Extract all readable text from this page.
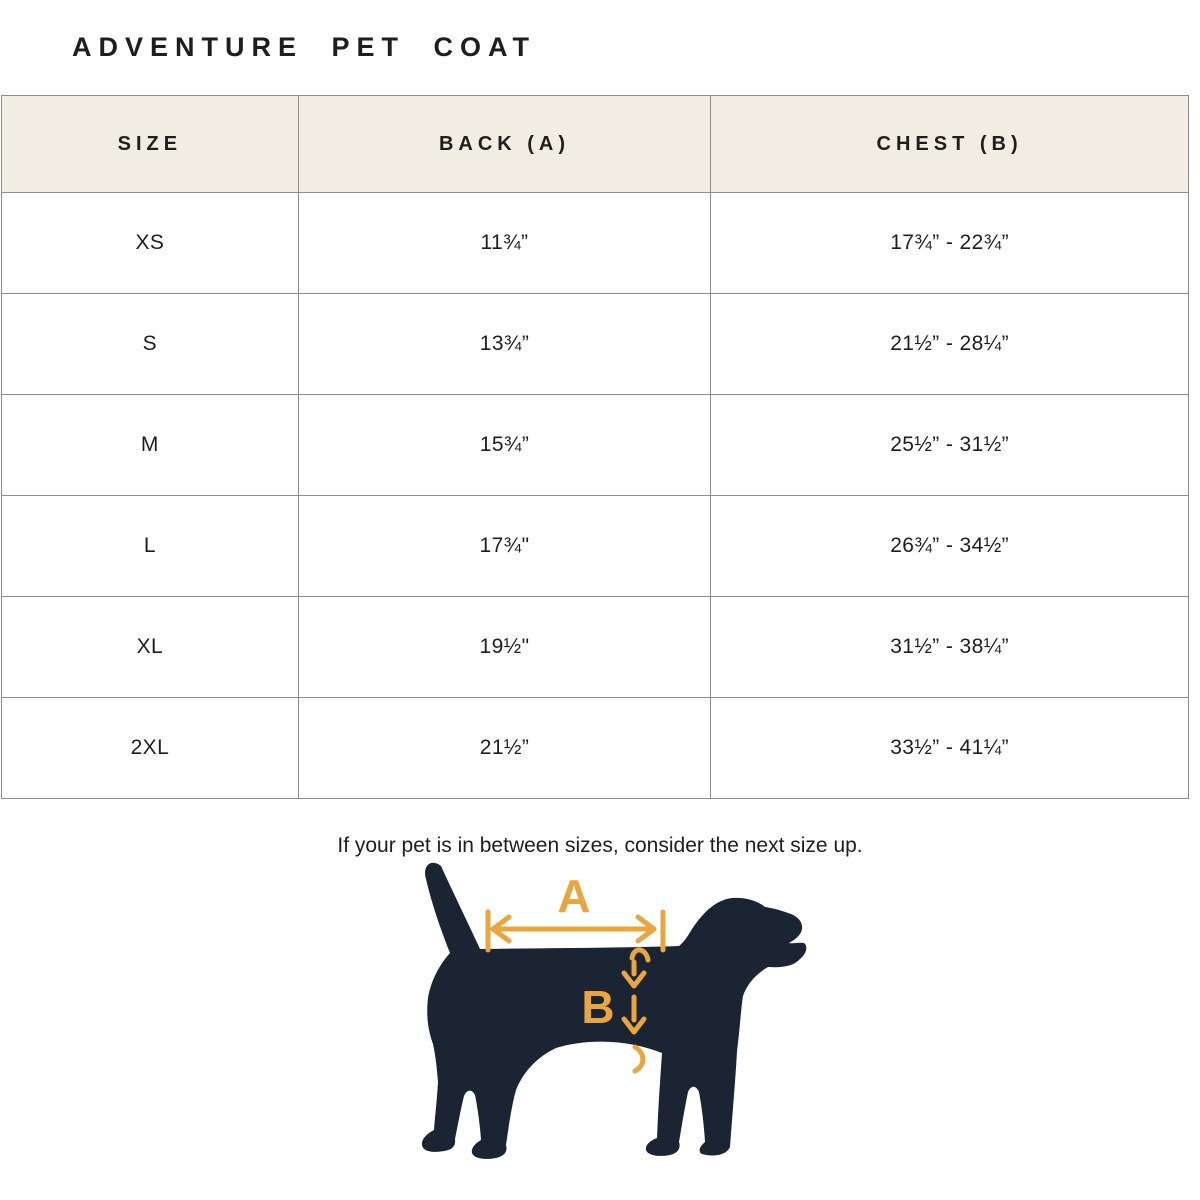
ADVENTURE PET COAT
SIZE	BACK (A)	CHEST (B)
XS	11¾”	17¾” - 22¾”
S	13¾”	21½” - 28¼”
M	15¾”	25½” - 31½”
L	17¾"	26¾” - 34½”
XL	19½"	31½” - 38¼”
2XL	21½”	33½” - 41¼”

If your pet is in between sizes, consider the next size up.

A
B
